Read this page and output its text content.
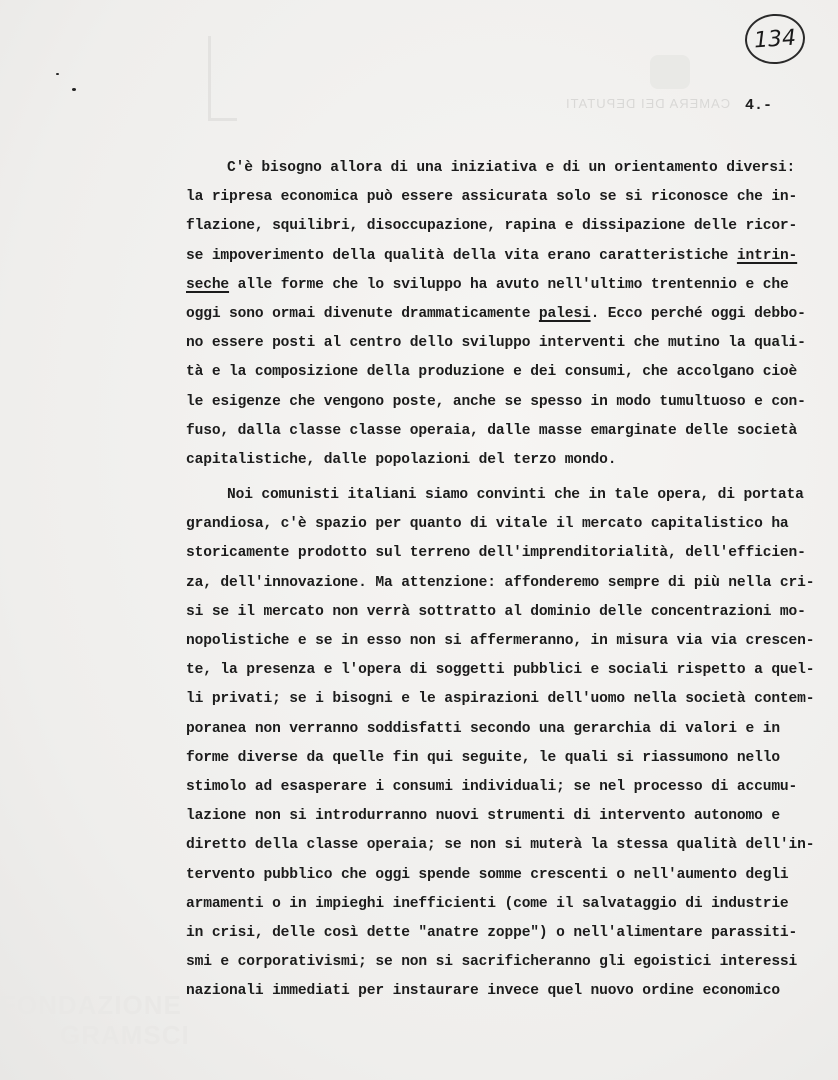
CAMERA DEI DEPUTATI
134
4.-
C'è bisogno allora di una iniziativa e di un orientamento diversi:
la ripresa economica può essere assicurata solo se si riconosce che in-
flazione, squilibri, disoccupazione, rapina e dissipazione delle ricor-
se impoverimento della qualità della vita erano caratteristiche intrin-
seche alle forme che lo sviluppo ha avuto nell'ultimo trentennio e che
oggi sono ormai divenute drammaticamente palesi. Ecco perché oggi debbo-
no essere posti al centro dello sviluppo interventi che mutino la quali-
tà e la composizione della produzione e dei consumi, che accolgano cioè
le esigenze che vengono poste, anche se spesso in modo tumultuoso e con-
fuso, dalla classe classe operaia, dalle masse emarginate delle società
capitalistiche, dalle popolazioni del terzo mondo.
Noi comunisti italiani siamo convinti che in tale opera, di portata
grandiosa, c'è spazio per quanto di vitale il mercato capitalistico ha
storicamente prodotto sul terreno dell'imprenditorialità, dell'efficien-
za, dell'innovazione. Ma attenzione: affonderemo sempre di più nella cri-
si se il mercato non verrà sottratto al dominio delle concentrazioni mo-
nopolistiche e se in esso non si affermeranno, in misura via via crescen-
te, la presenza e l'opera di soggetti pubblici e sociali rispetto a quel-
li privati; se i bisogni e le aspirazioni dell'uomo nella società contem-
poranea non verranno soddisfatti secondo una gerarchia di valori e in
forme diverse da quelle fin qui seguite, le quali si riassumono nello
stimolo ad esasperare i consumi individuali; se nel processo di accumu-
lazione non si introdurranno nuovi strumenti di intervento autonomo e
diretto della classe operaia; se non si muterà la stessa qualità dell'in-
tervento pubblico che oggi spende somme crescenti o nell'aumento degli
armamenti o in impieghi inefficienti (come il salvataggio di industrie
in crisi, delle così dette "anatre zoppe") o nell'alimentare parassiti-
smi e corporativismi; se non si sacrificheranno gli egoistici interessi
nazionali immediati per instaurare invece quel nuovo ordine economico
FONDAZIONE
GRAMSCI
